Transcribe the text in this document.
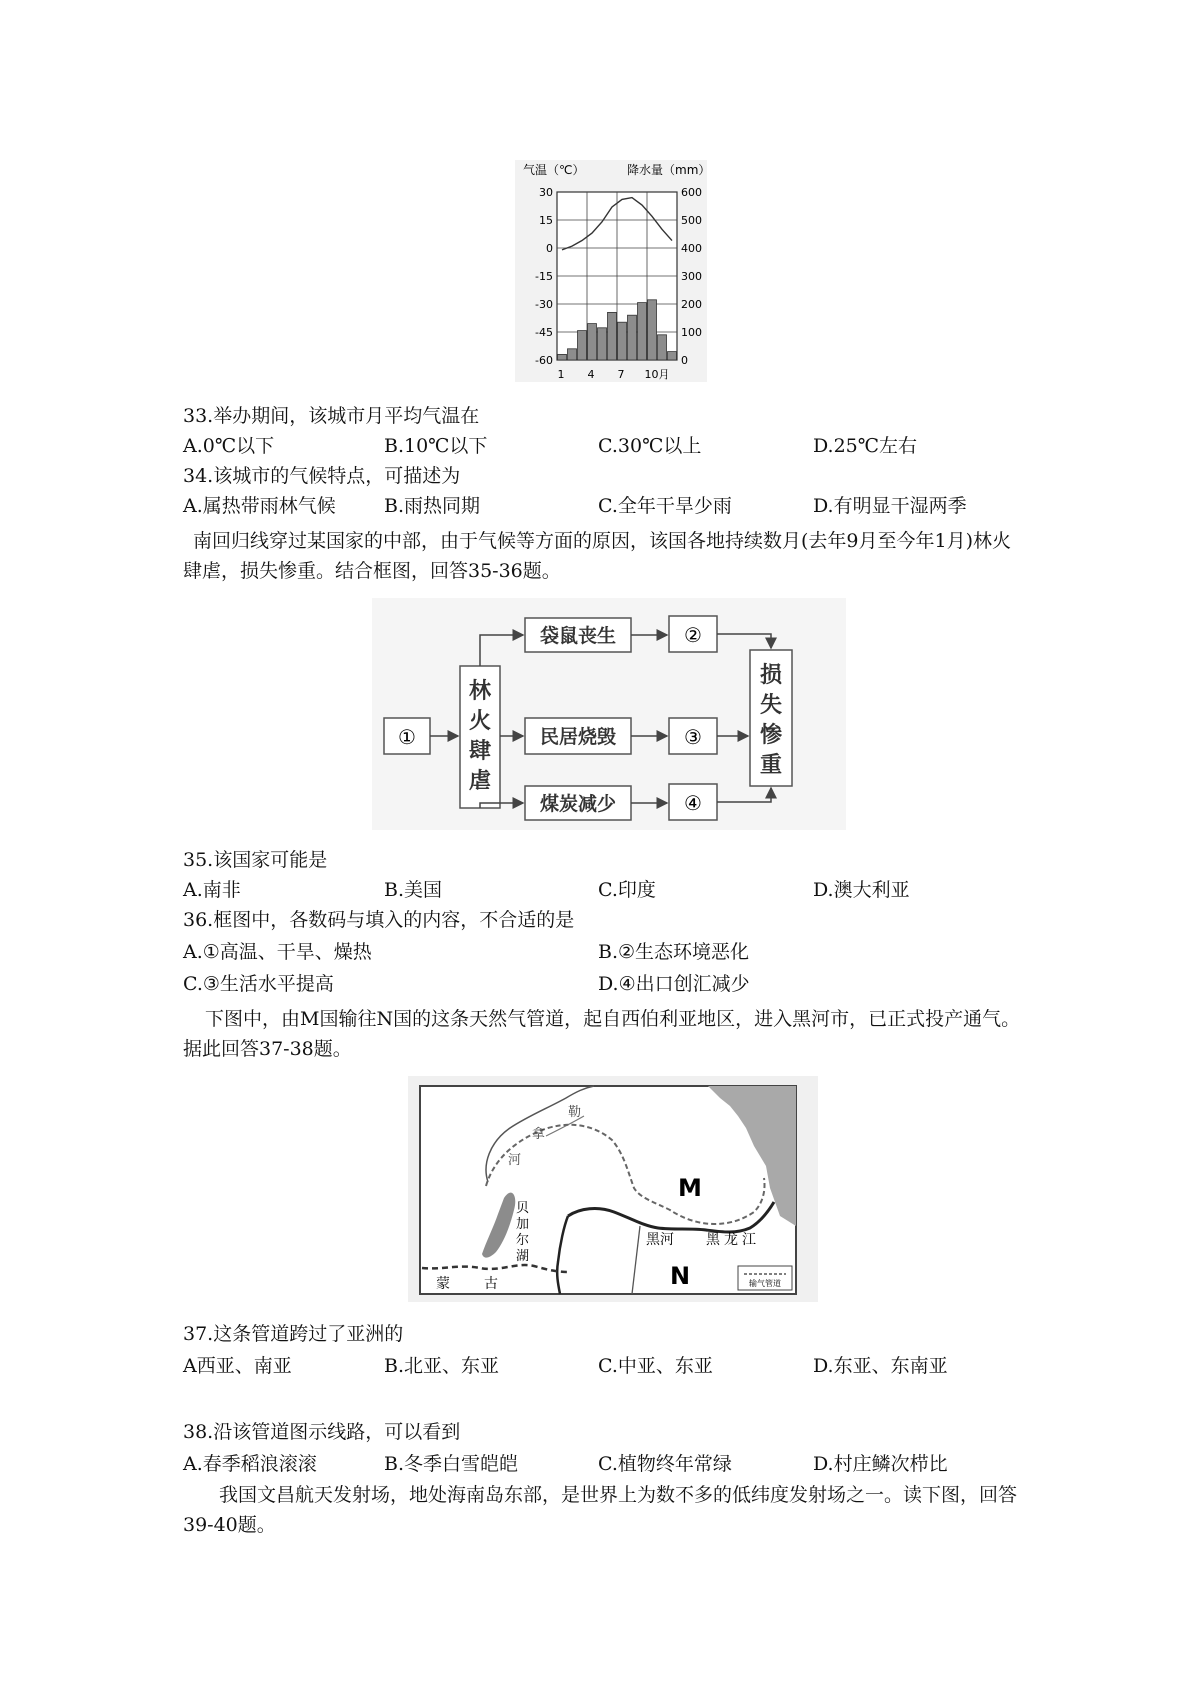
气温（℃）	降水量（mm）
30
15
0
-15
-30
-45
-60
600
500
400
300
200
100
0
1 4 7 10月
33.举办期间，该城市月平均气温在
A.0℃以下	B.10℃以下	C.30℃以上	D.25℃左右
34.该城市的气候特点，可描述为
A.属热带雨林气候	B.雨热同期	C.全年干旱少雨	D.有明显干湿两季
南回归线穿过某国家的中部，由于气候等方面的原因，该国各地持续数月(去年9月至今年1月)林火肆虐，损失惨重。结合框图，回答35-36题。
①
林火肆虐
袋鼠丧生
民居烧毁
煤炭减少
②
③
④
损失惨重
35.该国家可能是
A.南非	B.美国	C.印度	D.澳大利亚
36.框图中，各数码与填入的内容，不合适的是
A.①高温、干旱、燥热	B.②生态环境恶化
C.③生活水平提高	D.④出口创汇减少
下图中，由M国输往N国的这条天然气管道，起自西伯利亚地区，进入黑河市，已正式投产通气。据此回答37-38题。
河
拿
勒
贝
加
尔
湖
蒙 古
黑河 黑 龙 江
M
N	输气管道
37.这条管道跨过了亚洲的
A西亚、南亚	B.北亚、东亚	C.中亚、东亚	D.东亚、东南亚
38.沿该管道图示线路，可以看到
A.春季稻浪滚滚	B.冬季白雪皑皑	C.植物终年常绿	D.村庄鳞次栉比
我国文昌航天发射场，地处海南岛东部，是世界上为数不多的低纬度发射场之一。读下图，回答39-40题。
